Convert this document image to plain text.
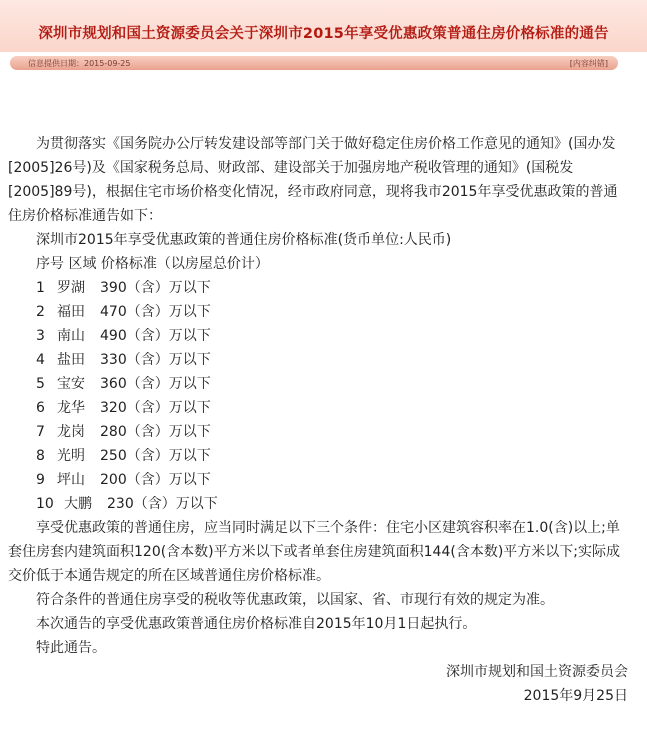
深圳市规划和国土资源委员会关于深圳市2015年享受优惠政策普通住房价格标准的通告
信息提供日期：2015-09-25	[内容纠错]

为贯彻落实《国务院办公厅转发建设部等部门关于做好稳定住房价格工作意见的通知》(国办发[2005]26号)及《国家税务总局、财政部、建设部关于加强房地产税收管理的通知》(国税发[2005]89号)，根据住宅市场价格变化情况，经市政府同意，现将我市2015年享受优惠政策的普通住房价格标准通告如下：

深圳市2015年享受优惠政策的普通住房价格标准(货币单位:人民币)

序号 区域 价格标准（以房屋总价计）

1 罗湖 390（含）万以下
2 福田 470（含）万以下
3 南山 490（含）万以下
4 盐田 330（含）万以下
5 宝安 360（含）万以下
6 龙华 320（含）万以下
7 龙岗 280（含）万以下
8 光明 250（含）万以下
9 坪山 200（含）万以下
10 大鹏 230（含）万以下

享受优惠政策的普通住房，应当同时满足以下三个条件：住宅小区建筑容积率在1.0(含)以上;单套住房套内建筑面积120(含本数)平方米以下或者单套住房建筑面积144(含本数)平方米以下;实际成交价低于本通告规定的所在区域普通住房价格标准。

符合条件的普通住房享受的税收等优惠政策，以国家、省、市现行有效的规定为准。

本次通告的享受优惠政策普通住房价格标准自2015年10月1日起执行。

特此通告。

深圳市规划和国土资源委员会

2015年9月25日
